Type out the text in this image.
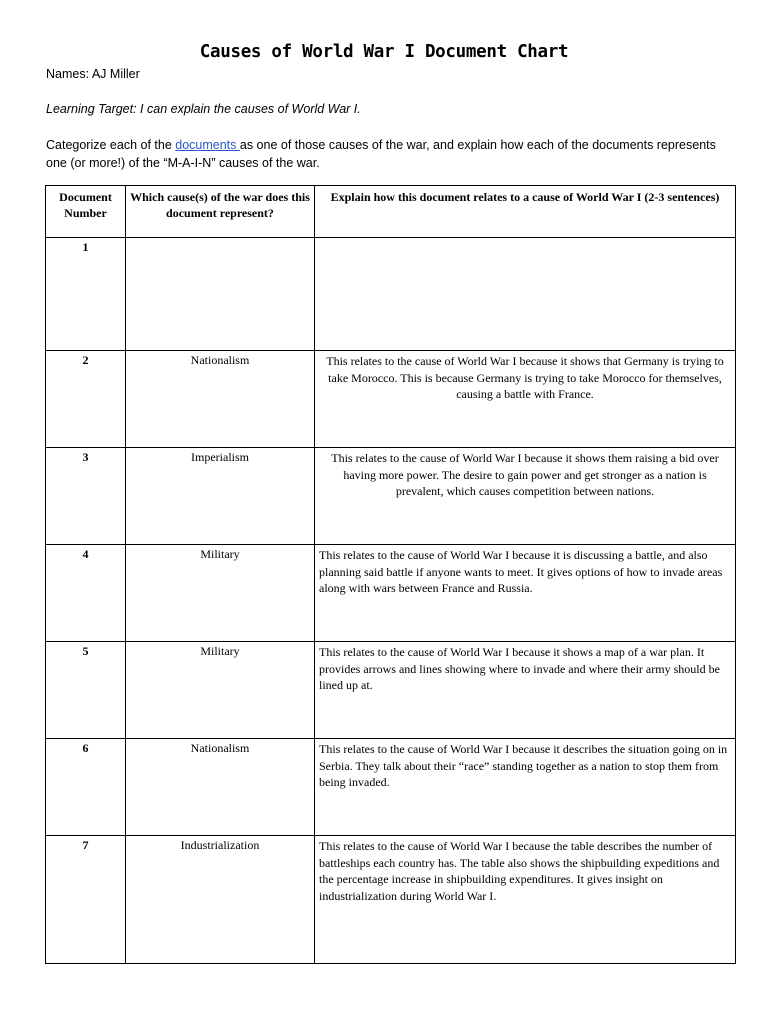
Causes of World War I Document Chart
Names: AJ Miller
Learning Target: I can explain the causes of World War I.
Categorize each of the documents as one of those causes of the war, and explain how each of the documents represents one (or more!) of the “M-A-I-N” causes of the war.
Document Number	Which cause(s) of the war does this document represent?	Explain how this document relates to a cause of World War I (2-3 sentences)
1		
2	Nationalism	This relates to the cause of World War I because it shows that Germany is trying to take Morocco. This is because Germany is trying to take Morocco for themselves, causing a battle with France.
3	Imperialism	This relates to the cause of World War I because it shows them raising a bid over having more power. The desire to gain power and get stronger as a nation is prevalent, which causes competition between nations.
4	Military	This relates to the cause of World War I because it is discussing a battle, and also planning said battle if anyone wants to meet. It gives options of how to invade areas along with wars between France and Russia.
5	Military	This relates to the cause of World War I because it shows a map of a war plan. It provides arrows and lines showing where to invade and where their army should be lined up at.
6	Nationalism	This relates to the cause of World War I because it describes the situation going on in Serbia. They talk about their “race” standing together as a nation to stop them from being invaded.
7	Industrialization	This relates to the cause of World War I because the table describes the number of battleships each country has. The table also shows the shipbuilding expeditions and the percentage increase in shipbuilding expenditures. It gives insight on industrialization during World War I.
